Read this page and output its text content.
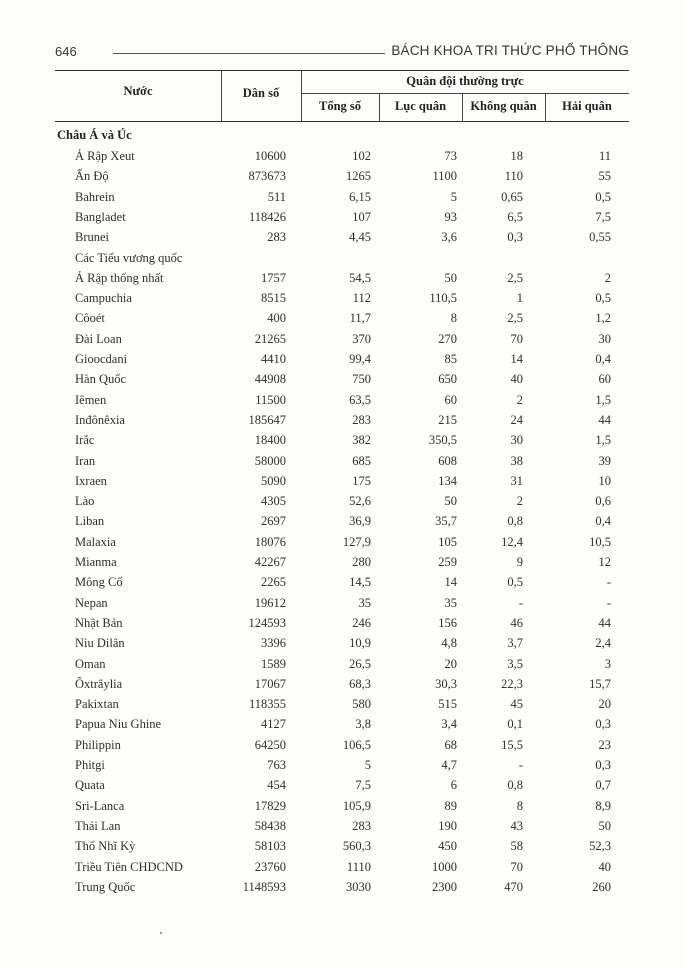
646	BÁCH KHOA TRI THỨC PHỔ THÔNG
Nước	Dân số
Quân đội thường trực
Tổng số	Lục quân	Không quân	Hải quân
Châu Á và Úc
Ả Rập Xeut	10600	102	73	18	11
Ấn Độ	873673	1265	1100	110	55
Bahrein	511	6,15	5	0,65	0,5
Bangladet	118426	107	93	6,5	7,5
Brunei	283	4,45	3,6	0,3	0,55
Các Tiểu vương quốc
Ả Rập thống nhất	1757	54,5	50	2,5	2
Campuchia	8515	112	110,5	1	0,5
Côoét	400	11,7	8	2,5	1,2
Đài Loan	21265	370	270	70	30
Gioocdani	4410	99,4	85	14	0,4
Hàn Quốc	44908	750	650	40	60
Iêmen	11500	63,5	60	2	1,5
Inđônêxia	185647	283	215	24	44
Irắc	18400	382	350,5	30	1,5
Iran	58000	685	608	38	39
Ixraen	5090	175	134	31	10
Lào	4305	52,6	50	2	0,6
Liban	2697	36,9	35,7	0,8	0,4
Malaxia	18076	127,9	105	12,4	10,5
Mianma	42267	280	259	9	12
Mông Cổ	2265	14,5	14	0,5	-
Nepan	19612	35	35	-	-
Nhật Bản	124593	246	156	46	44
Niu Dilân	3396	10,9	4,8	3,7	2,4
Oman	1589	26,5	20	3,5	3
Ôxtrâylia	17067	68,3	30,3	22,3	15,7
Pakixtan	118355	580	515	45	20
Papua Niu Ghine	4127	3,8	3,4	0,1	0,3
Philippin	64250	106,5	68	15,5	23
Phitgi	763	5	4,7	-	0,3
Quata	454	7,5	6	0,8	0,7
Sri-Lanca	17829	105,9	89	8	8,9
Thái Lan	58438	283	190	43	50
Thổ Nhĩ Kỳ	58103	560,3	450	58	52,3
Triều Tiên CHDCND	23760	1110	1000	70	40
Trung Quốc	1148593	3030	2300	470	260
